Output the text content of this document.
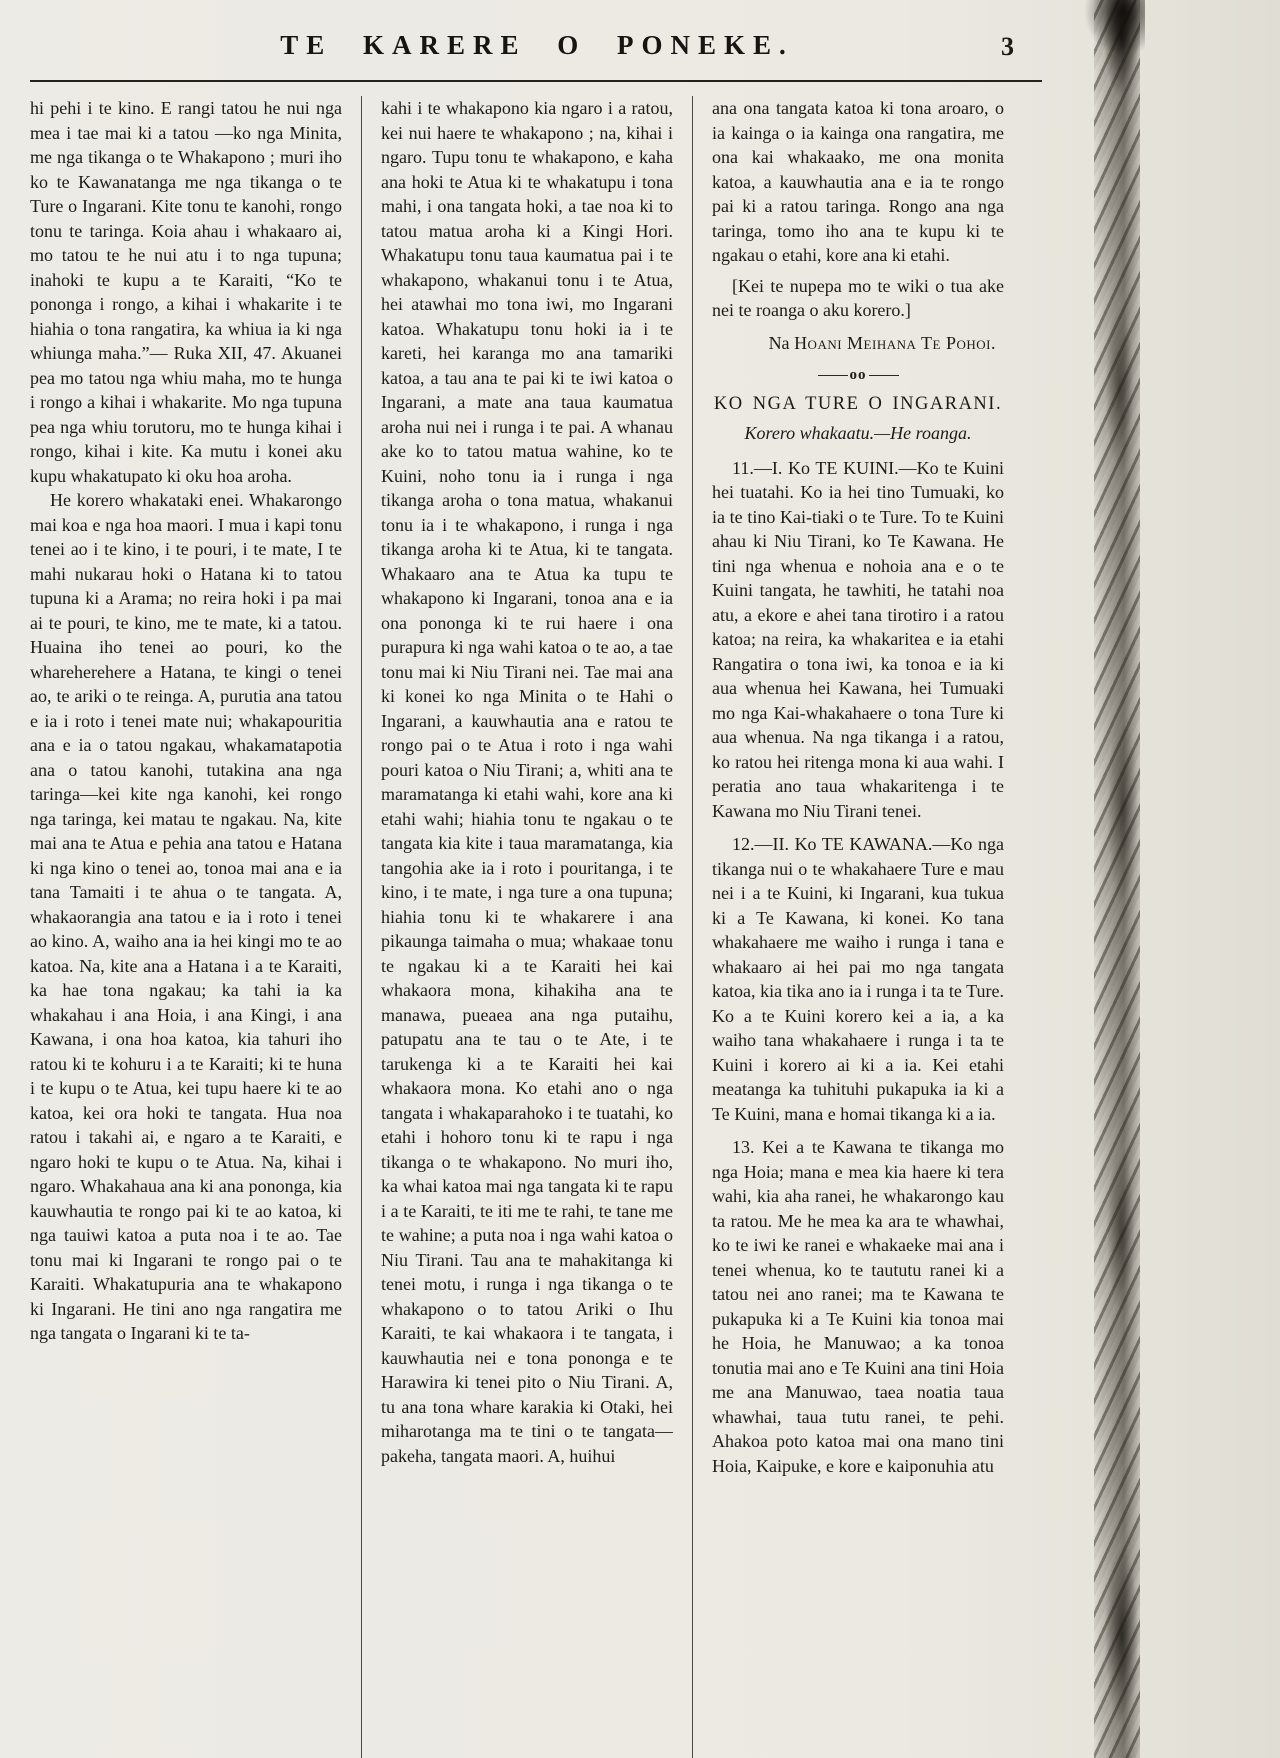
TE KARERE O PONEKE.	3

hi pehi i te kino. E rangi tatou he nui nga mea i tae mai ki a tatou —ko nga Minita, me nga tikanga o te Whakapono ; muri iho ko te Kawanatanga me nga tikanga o te Ture o Ingarani. Kite tonu te kanohi, rongo tonu te taringa. Koia ahau i whakaaro ai, mo tatou te he nui atu i to nga tupuna; inahoki te kupu a te Karaiti, “Ko te pononga i rongo, a kihai i whakarite i te hiahia o tona rangatira, ka whiua ia ki nga whiunga maha.”— Ruka XII, 47. Akuanei pea mo tatou nga whiu maha, mo te hunga i rongo a kihai i whakarite. Mo nga tupuna pea nga whiu torutoru, mo te hunga kihai i rongo, kihai i kite. Ka mutu i konei aku kupu whakatupato ki oku hoa aroha.

He korero whakataki enei. Whakarongo mai koa e nga hoa maori. I mua i kapi tonu tenei ao i te kino, i te pouri, i te mate, I te mahi nukarau hoki o Hatana ki to tatou tupuna ki a Arama; no reira hoki i pa mai ai te pouri, te kino, me te mate, ki a tatou. Huaina iho tenei ao pouri, ko the whareherehere a Hatana, te kingi o tenei ao, te ariki o te reinga. A, purutia ana tatou e ia i roto i tenei mate nui; whakapouritia ana e ia o tatou ngakau, whakamatapotia ana o tatou kanohi, tutakina ana nga taringa—kei kite nga kanohi, kei rongo nga taringa, kei matau te ngakau. Na, kite mai ana te Atua e pehia ana tatou e Hatana ki nga kino o tenei ao, tonoa mai ana e ia tana Tamaiti i te ahua o te tangata. A, whakaorangia ana tatou e ia i roto i tenei ao kino. A, waiho ana ia hei kingi mo te ao katoa. Na, kite ana a Hatana i a te Karaiti, ka hae tona ngakau; ka tahi ia ka whakahau i ana Hoia, i ana Kingi, i ana Kawana, i ona hoa katoa, kia tahuri iho ratou ki te kohuru i a te Karaiti; ki te huna i te kupu o te Atua, kei tupu haere ki te ao katoa, kei ora hoki te tangata. Hua noa ratou i takahi ai, e ngaro a te Karaiti, e ngaro hoki te kupu o te Atua. Na, kihai i ngaro. Whakahaua ana ki ana pononga, kia kauwhautia te rongo pai ki te ao katoa, ki nga tauiwi katoa a puta noa i te ao. Tae tonu mai ki Ingarani te rongo pai o te Karaiti. Whakatupuria ana te whakapono ki Ingarani. He tini ano nga rangatira me nga tangata o Ingarani ki te ta-

kahi i te whakapono kia ngaro i a ratou, kei nui haere te whakapono ; na, kihai i ngaro. Tupu tonu te whakapono, e kaha ana hoki te Atua ki te whakatupu i tona mahi, i ona tangata hoki, a tae noa ki to tatou matua aroha ki a Kingi Hori. Whakatupu tonu taua kaumatua pai i te whakapono, whakanui tonu i te Atua, hei atawhai mo tona iwi, mo Ingarani katoa. Whakatupu tonu hoki ia i te kareti, hei karanga mo ana tamariki katoa, a tau ana te pai ki te iwi katoa o Ingarani, a mate ana taua kaumatua aroha nui nei i runga i te pai. A whanau ake ko to tatou matua wahine, ko te Kuini, noho tonu ia i runga i nga tikanga aroha o tona matua, whakanui tonu ia i te whakapono, i runga i nga tikanga aroha ki te Atua, ki te tangata. Whakaaro ana te Atua ka tupu te whakapono ki Ingarani, tonoa ana e ia ona pononga ki te rui haere i ona purapura ki nga wahi katoa o te ao, a tae tonu mai ki Niu Tirani nei. Tae mai ana ki konei ko nga Minita o te Hahi o Ingarani, a kauwhautia ana e ratou te rongo pai o te Atua i roto i nga wahi pouri katoa o Niu Tirani; a, whiti ana te maramatanga ki etahi wahi, kore ana ki etahi wahi; hiahia tonu te ngakau o te tangata kia kite i taua maramatanga, kia tangohia ake ia i roto i pouritanga, i te kino, i te mate, i nga ture a ona tupuna; hiahia tonu ki te whakarere i ana pikaunga taimaha o mua; whakaae tonu te ngakau ki a te Karaiti hei kai whakaora mona, kihakiha ana te manawa, pueaea ana nga putaihu, patupatu ana te tau o te Ate, i te tarukenga ki a te Karaiti hei kai whakaora mona. Ko etahi ano o nga tangata i whakaparahoko i te tuatahi, ko etahi i hohoro tonu ki te rapu i nga tikanga o te whakapono. No muri iho, ka whai katoa mai nga tangata ki te rapu i a te Karaiti, te iti me te rahi, te tane me te wahine; a puta noa i nga wahi katoa o Niu Tirani. Tau ana te mahakitanga ki tenei motu, i runga i nga tikanga o te whakapono o to tatou Ariki o Ihu Karaiti, te kai whakaora i te tangata, i kauwhautia nei e tona pononga e te Harawira ki tenei pito o Niu Tirani. A, tu ana tona whare karakia ki Otaki, hei miharotanga ma te tini o te tangata—pakeha, tangata maori. A, huihui

ana ona tangata katoa ki tona aroaro, o ia kainga o ia kainga ona rangatira, me ona kai whakaako, me ona monita katoa, a kauwhautia ana e ia te rongo pai ki a ratou taringa. Rongo ana nga taringa, tomo iho ana te kupu ki te ngakau o etahi, kore ana ki etahi.

[Kei te nupepa mo te wiki o tua ake nei te roanga o aku korero.]

Na Hoani Meihana Te Pohoi.

oo
KO NGA TURE O INGARANI.

Korero whakaatu.—He roanga.

11.—I. Ko TE KUINI.—Ko te Kuini hei tuatahi. Ko ia hei tino Tumuaki, ko ia te tino Kai-tiaki o te Ture. To te Kuini ahau ki Niu Tirani, ko Te Kawana. He tini nga whenua e nohoia ana e o te Kuini tangata, he tawhiti, he tatahi noa atu, a ekore e ahei tana tirotiro i a ratou katoa; na reira, ka whakaritea e ia etahi Rangatira o tona iwi, ka tonoa e ia ki aua whenua hei Kawana, hei Tumuaki mo nga Kai-whakahaere o tona Ture ki aua whenua. Na nga tikanga i a ratou, ko ratou hei ritenga mona ki aua wahi. I peratia ano taua whakaritenga i te Kawana mo Niu Tirani tenei.

12.—II. Ko TE KAWANA.—Ko nga tikanga nui o te whakahaere Ture e mau nei i a te Kuini, ki Ingarani, kua tukua ki a Te Kawana, ki konei. Ko tana whakahaere me waiho i runga i tana e whakaaro ai hei pai mo nga tangata katoa, kia tika ano ia i runga i ta te Ture. Ko a te Kuini korero kei a ia, a ka waiho tana whakahaere i runga i ta te Kuini i korero ai ki a ia. Kei etahi meatanga ka tuhituhi pukapuka ia ki a Te Kuini, mana e homai tikanga ki a ia.

13. Kei a te Kawana te tikanga mo nga Hoia; mana e mea kia haere ki tera wahi, kia aha ranei, he whakarongo kau ta ratou. Me he mea ka ara te whawhai, ko te iwi ke ranei e whakaeke mai ana i tenei whenua, ko te taututu ranei ki a tatou nei ano ranei; ma te Kawana te pukapuka ki a Te Kuini kia tonoa mai he Hoia, he Manuwao; a ka tonoa tonutia mai ano e Te Kuini ana tini Hoia me ana Manuwao, taea noatia taua whawhai, taua tutu ranei, te pehi. Ahakoa poto katoa mai ona mano tini Hoia, Kaipuke, e kore e kaiponuhia atu
